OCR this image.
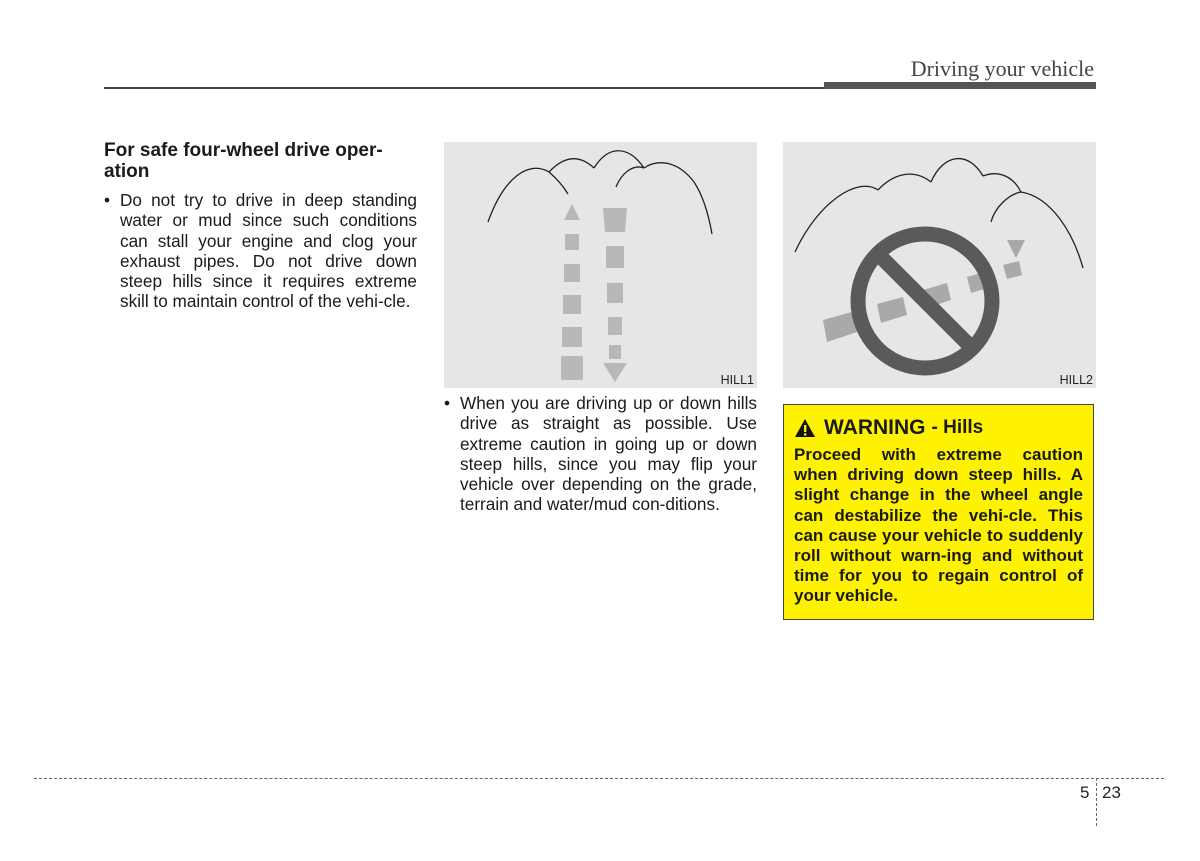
Driving your vehicle
For safe four-wheel drive oper-ation
• Do not try to drive in deep standing water or mud since such conditions can stall your engine and clog your exhaust pipes. Do not drive down steep hills since it requires extreme skill to maintain control of the vehi-cle.
HILL1	HILL2
• When you are driving up or down hills drive as straight as possible. Use extreme caution in going up or down steep hills, since you may flip your vehicle over depending on the grade, terrain and water/mud con-ditions.
WARNING - Hills
Proceed with extreme caution when driving down steep hills. A slight change in the wheel angle can destabilize the vehi-cle. This can cause your vehicle to suddenly roll without warn-ing and without time for you to regain control of your vehicle.
5 23
